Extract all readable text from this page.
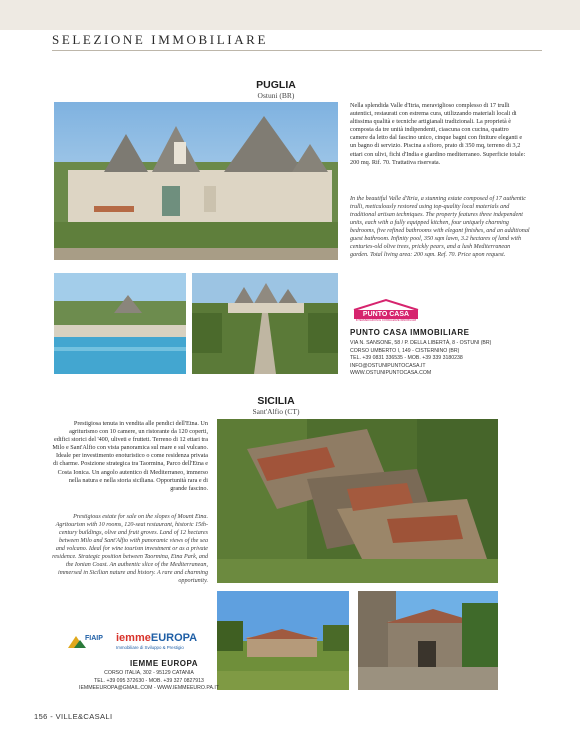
SELEZIONE IMMOBILIARE
PUGLIA
Ostuni (BR)
Nella splendida Valle d'Itria, meraviglioso complesso di 17 trulli autentici, restaurati con estrema cura, utilizzando materiali locali di altissima qualità e tecniche artigianali tradizionali. La proprietà è composta da tre unità indipendenti, ciascuna con cucina, quattro camere da letto dal fascino unico, cinque bagni con finiture eleganti e un bagno di servizio. Piscina a sfioro, prato di 350 mq, terreno di 3,2 ettari con ulivi, fichi d'India e giardino mediterraneo. Superficie totale: 200 mq. Rif. 70. Trattativa riservata.
In the beautiful Valle d'Itria, a stunning estate composed of 17 authentic trulli, meticulously restored using top-quality local materials and traditional artisan techniques. The property features three independent units, each with a fully equipped kitchen, four uniquely charming bedrooms, five refined bathrooms with elegant finishes, and an additional guest bathroom. Infinity pool, 350 sqm lawn, 3.2 hectares of land with centuries-old olive trees, prickly pears, and a lush Mediterranean garden. Total living area: 200 sqm. Ref. 70. Price upon request.
PUNTO CASA
INTERMEDIAZIONI E CONSULENZE IMMOBILIARI
PUNTO CASA IMMOBILIARE
VIA N. SANSONE, 58 / P. DELLA LIBERTÀ, 8 - OSTUNI (BR)
CORSO UMBERTO I, 149 - CISTERNINO (BR)
TEL. +39 0831 336535 - MOB. +39 339 3180238
INFO@OSTUNIPUNTOCASA.IT
WWW.OSTUNIPUNTOCASA.COM
SICILIA
Sant'Alfio (CT)
Prestigiosa tenuta in vendita alle pendici dell'Etna. Un agriturismo con 10 camere, un ristorante da 120 coperti, edifici storici del '400, uliveti e frutteti. Terreno di 12 ettari tra Milo e Sant'Alfio con vista panoramica sul mare e sul vulcano. Ideale per investimento enoturistico o come residenza privata di charme. Posizione strategica tra Taormina, Parco dell'Etna e Costa Ionica. Un angolo autentico di Mediterraneo, immerso nella natura e nella storia siciliana. Opportunità rara e di grande fascino.
Prestigious estate for sale on the slopes of Mount Etna. Agritourism with 10 rooms, 120-seat restaurant, historic 15th-century buildings, olive and fruit groves. Land of 12 hectares between Milo and Sant'Alfio with panoramic views of the sea and volcano. Ideal for wine tourism investment or as a private residence. Strategic position between Taormina, Etna Park, and the Ionian Coast. An authentic slice of the Mediterranean, immersed in Sicilian nature and history. A rare and charming opportunity.
FIAIP iemmeEUROPA
Immobiliare di Sviluppo & Prestigio
IEMME EUROPA
CORSO ITALIA, 302 - 95129 CATANIA
TEL. +39 095 372630 - MOB. +39 327 0827913
IEMMEEUROPA@GMAIL.COM - WWW.IEMMEEURO.PA.IT
156 - VILLE&CASALI
